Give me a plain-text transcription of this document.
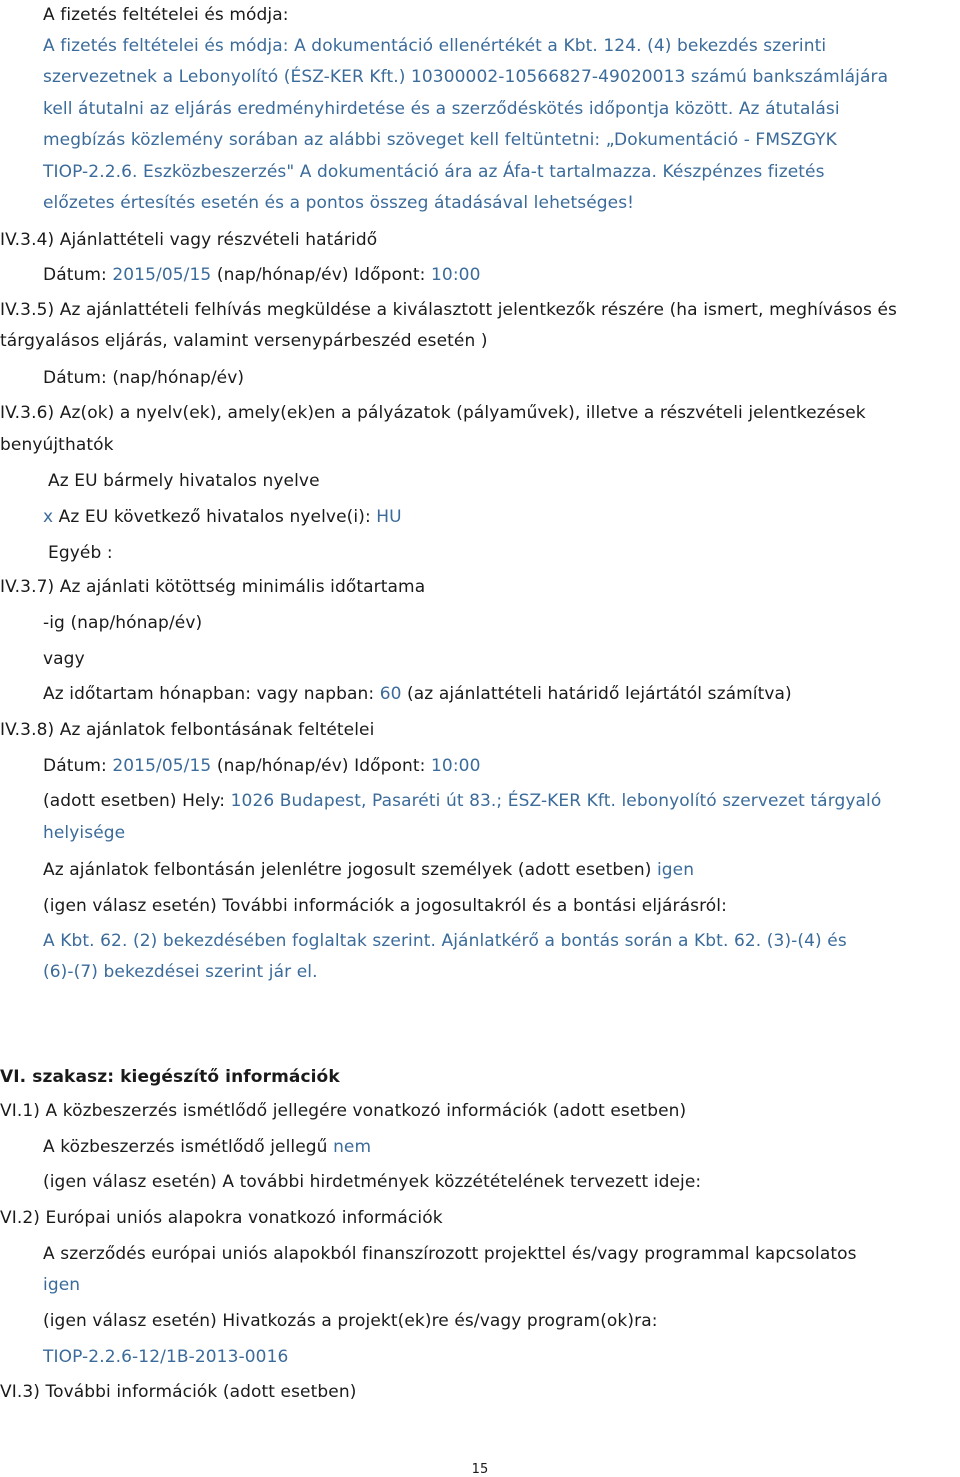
A fizetés feltételei és módja:
A fizetés feltételei és módja: A dokumentáció ellenértékét a Kbt. 124. (4) bekezdés szerinti
szervezetnek a Lebonyolító (ÉSZ-KER Kft.) 10300002-10566827-49020013 számú bankszámlájára
kell átutalni az eljárás eredményhirdetése és a szerződéskötés időpontja között. Az átutalási
megbízás közlemény sorában az alábbi szöveget kell feltüntetni: „Dokumentáció - FMSZGYK
TIOP-2.2.6. Eszközbeszerzés" A dokumentáció ára az Áfa-t tartalmazza. Készpénzes fizetés
előzetes értesítés esetén és a pontos összeg átadásával lehetséges!
IV.3.4) Ajánlattételi vagy részvételi határidő
Dátum: 2015/05/15 (nap/hónap/év) Időpont: 10:00
IV.3.5) Az ajánlattételi felhívás megküldése a kiválasztott jelentkezők részére (ha ismert, meghívásos és
tárgyalásos eljárás, valamint versenypárbeszéd esetén )
Dátum: (nap/hónap/év)
IV.3.6) Az(ok) a nyelv(ek), amely(ek)en a pályázatok (pályaművek), illetve a részvételi jelentkezések
benyújthatók
Az EU bármely hivatalos nyelve
x Az EU következő hivatalos nyelve(i): HU
Egyéb :
IV.3.7) Az ajánlati kötöttség minimális időtartama
-ig (nap/hónap/év)
vagy
Az időtartam hónapban: vagy napban: 60 (az ajánlattételi határidő lejártától számítva)
IV.3.8) Az ajánlatok felbontásának feltételei
Dátum: 2015/05/15 (nap/hónap/év) Időpont: 10:00
(adott esetben) Hely: 1026 Budapest, Pasaréti út 83.; ÉSZ-KER Kft. lebonyolító szervezet tárgyaló
helyisége
Az ajánlatok felbontásán jelenlétre jogosult személyek (adott esetben) igen
(igen válasz esetén) További információk a jogosultakról és a bontási eljárásról:
A Kbt. 62. (2) bekezdésében foglaltak szerint. Ajánlatkérő a bontás során a Kbt. 62. (3)-(4) és
(6)-(7) bekezdései szerint jár el.
VI. szakasz: kiegészítő információk
VI.1) A közbeszerzés ismétlődő jellegére vonatkozó információk (adott esetben)
A közbeszerzés ismétlődő jellegű nem
(igen válasz esetén) A további hirdetmények közzétételének tervezett ideje:
VI.2) Európai uniós alapokra vonatkozó információk
A szerződés európai uniós alapokból finanszírozott projekttel és/vagy programmal kapcsolatos
igen
(igen válasz esetén) Hivatkozás a projekt(ek)re és/vagy program(ok)ra:
TIOP-2.2.6-12/1B-2013-0016
VI.3) További információk (adott esetben)
15
